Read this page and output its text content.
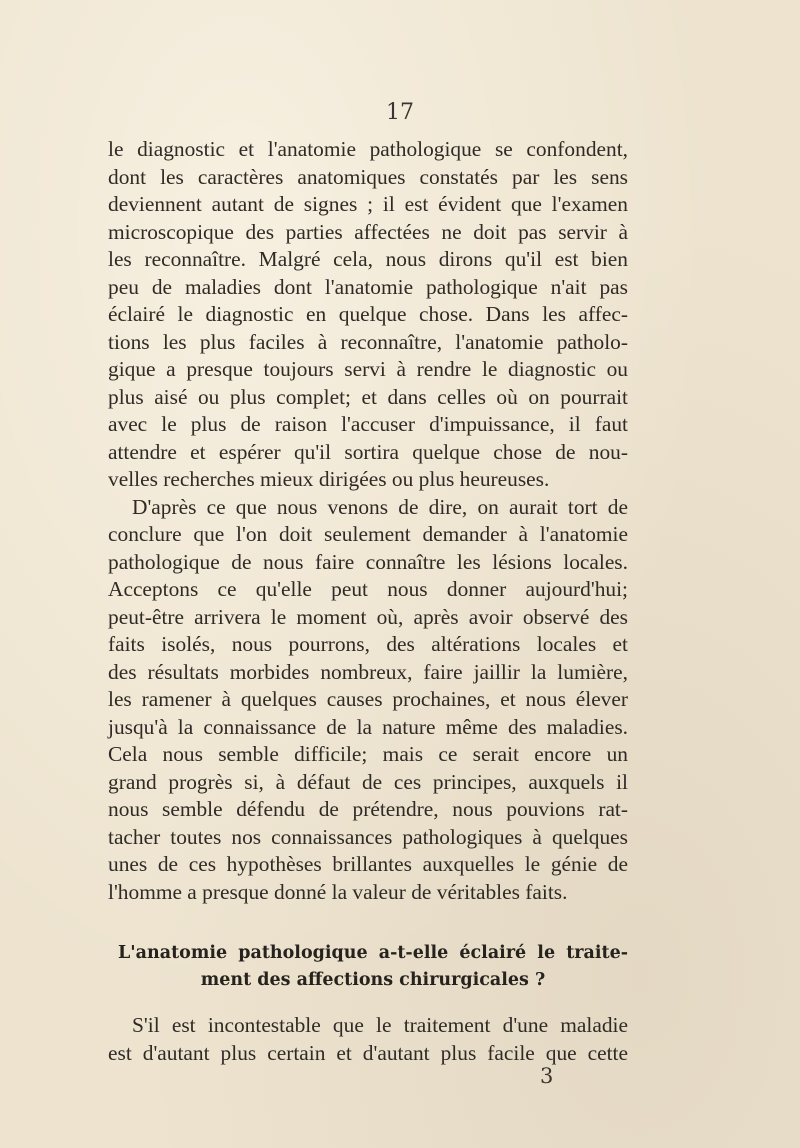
17

le diagnostic et l'anatomie pathologique se confondent,
dont les caractères anatomiques constatés par les sens
deviennent autant de signes ; il est évident que l'examen
microscopique des parties affectées ne doit pas servir à
les reconnaître. Malgré cela, nous dirons qu'il est bien
peu de maladies dont l'anatomie pathologique n'ait pas
éclairé le diagnostic en quelque chose. Dans les affec-
tions les plus faciles à reconnaître, l'anatomie patholo-
gique a presque toujours servi à rendre le diagnostic ou
plus aisé ou plus complet; et dans celles où on pourrait
avec le plus de raison l'accuser d'impuissance, il faut
attendre et espérer qu'il sortira quelque chose de nou-
velles recherches mieux dirigées ou plus heureuses.
D'après ce que nous venons de dire, on aurait tort de
conclure que l'on doit seulement demander à l'anatomie
pathologique de nous faire connaître les lésions locales.
Acceptons ce qu'elle peut nous donner aujourd'hui;
peut-être arrivera le moment où, après avoir observé des
faits isolés, nous pourrons, des altérations locales et
des résultats morbides nombreux, faire jaillir la lumière,
les ramener à quelques causes prochaines, et nous élever
jusqu'à la connaissance de la nature même des maladies.
Cela nous semble difficile; mais ce serait encore un
grand progrès si, à défaut de ces principes, auxquels il
nous semble défendu de prétendre, nous pouvions rat-
tacher toutes nos connaissances pathologiques à quelques
unes de ces hypothèses brillantes auxquelles le génie de
l'homme a presque donné la valeur de véritables faits.
L'anatomie pathologique a-t-elle éclairé le traite-
ment des affections chirurgicales ?
S'il est incontestable que le traitement d'une maladie
est d'autant plus certain et d'autant plus facile que cette

3
